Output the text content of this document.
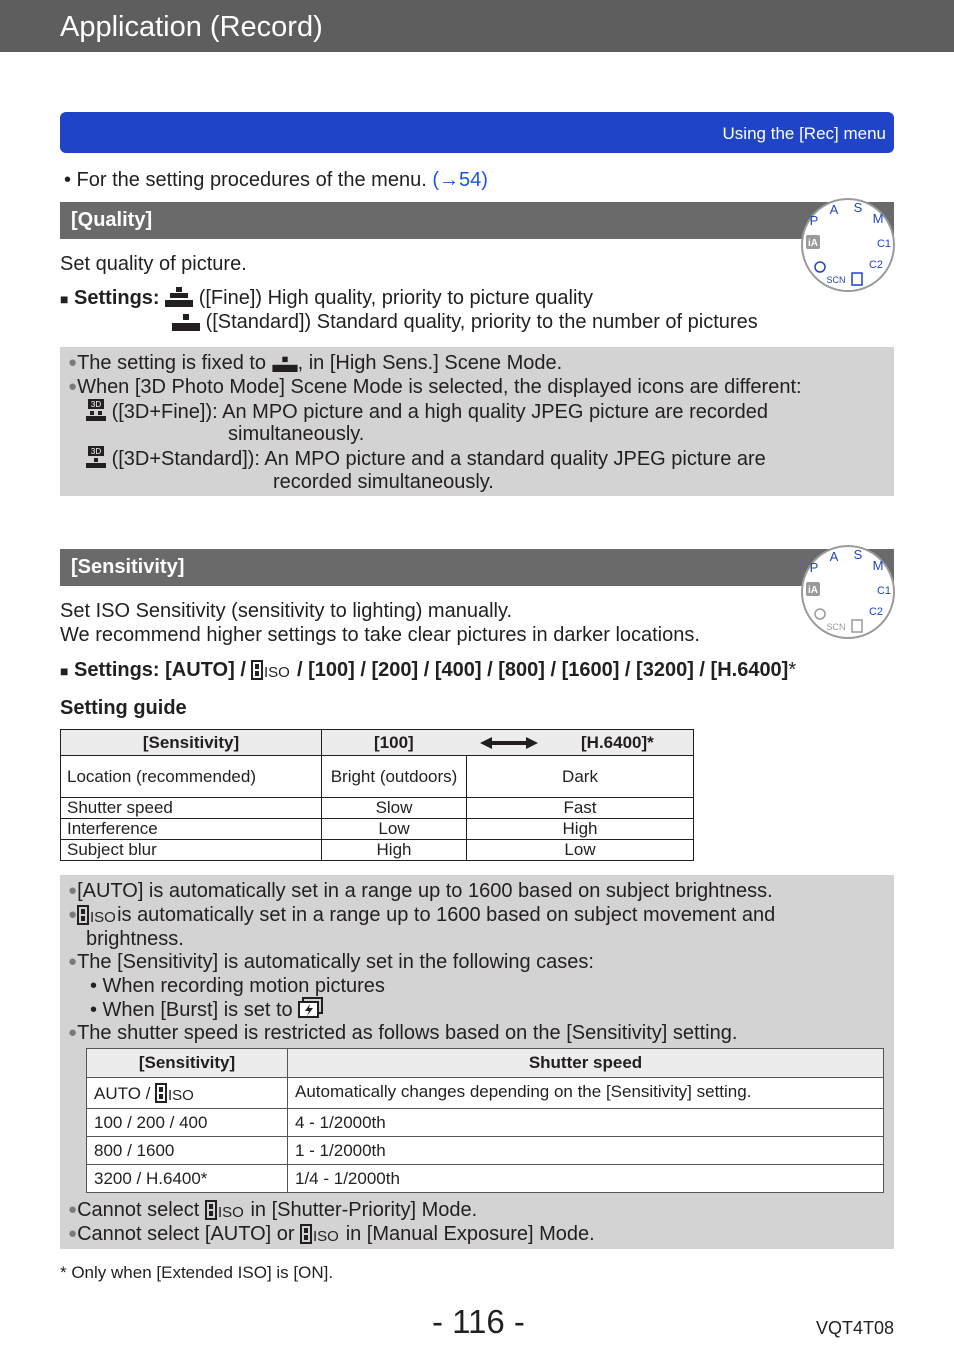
Application (Record)
Using the [Rec] menu
• For the setting procedures of the menu. (→54)
[Quality]
iA
P
A S
M
C1
C2
SCN
Set quality of picture.
■ Settings: ([Fine]) High quality, priority to picture quality
([Standard]) Standard quality, priority to the number of pictures
●The setting is fixed to , in [High Sens.] Scene Mode.
●When [3D Photo Mode] Scene Mode is selected, the displayed icons are different:
3D ([3D+Fine]): An MPO picture and a high quality JPEG picture are recorded
simultaneously.
3D ([3D+Standard]): An MPO picture and a standard quality JPEG picture are
recorded simultaneously.
[Sensitivity]
iA
P
A S
M
C1
C2
SCN
Set ISO Sensitivity (sensitivity to lighting) manually.
We recommend higher settings to take clear pictures in darker locations.
■ Settings: [AUTO] / ISO / [100] / [200] / [400] / [800] / [1600] / [3200] / [H.6400]*
Setting guide
[Sensitivity]	[100] [H.6400]*	

Location (recommended)	Bright (outdoors)	Dark
Shutter speed	Slow	Fast
Interference	Low	High
Subject blur	High	Low
●[AUTO] is automatically set in a range up to 1600 based on subject brightness.
● ISO is automatically set in a range up to 1600 based on subject movement and
brightness.
●The [Sensitivity] is automatically set in the following cases:
• When recording motion pictures
• When [Burst] is set to
●The shutter speed is restricted as follows based on the [Sensitivity] setting.
●Cannot select ISO in [Shutter-Priority] Mode.
●Cannot select [AUTO] or ISO in [Manual Exposure] Mode.
[Sensitivity]	Shutter speed
AUTO / ISO	Automatically changes depending on the [Sensitivity] setting.
100 / 200 / 400	4 - 1/2000th
800 / 1600	1 - 1/2000th
3200 / H.6400*	1/4 - 1/2000th
* Only when [Extended ISO] is [ON].
- 116 -	VQT4T08
